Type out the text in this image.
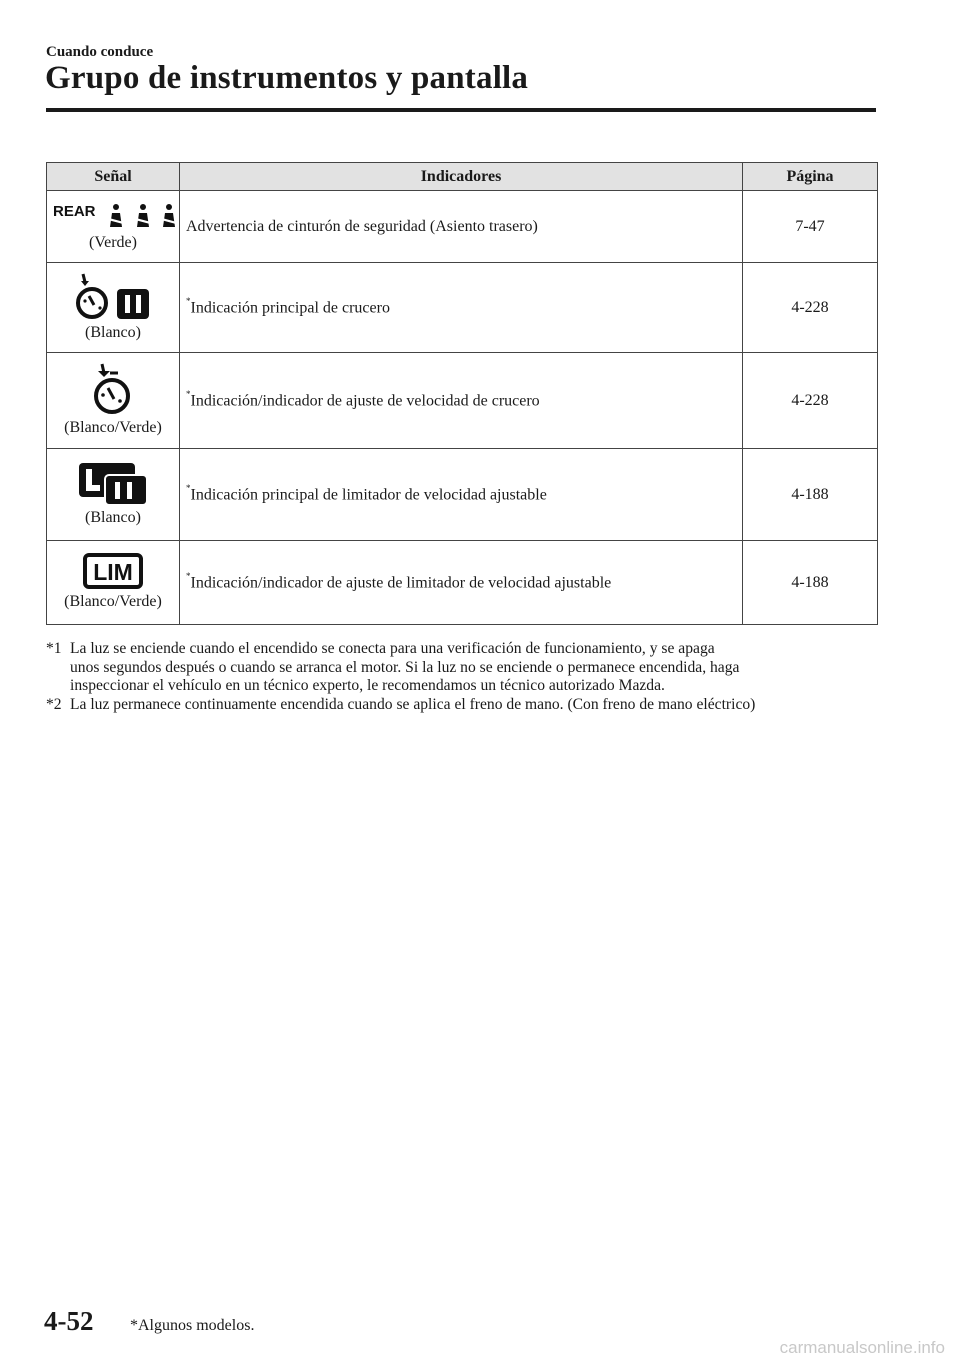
Cuando conduce
Grupo de instrumentos y pantalla
Señal	Indicadores	Página

REAR
(Verde)	Advertencia de cinturón de seguridad (Asiento trasero)	7-47

(Blanco)	*Indicación principal de crucero	4-228

(Blanco/Verde)	*Indicación/indicador de ajuste de velocidad de crucero	4-228

(Blanco)	*Indicación principal de limitador de velocidad ajustable	4-188

LIM
(Blanco/Verde)	*Indicación/indicador de ajuste de limitador de velocidad ajustable	4-188
*1 La luz se enciende cuando el encendido se conecta para una verificación de funcionamiento, y se apaga
unos segundos después o cuando se arranca el motor. Si la luz no se enciende o permanece encendida, haga
inspeccionar el vehículo en un técnico experto, le recomendamos un técnico autorizado Mazda.
*2 La luz permanece continuamente encendida cuando se aplica el freno de mano. (Con freno de mano eléctrico)
4-52 *Algunos modelos.
carmanualsonline.info
